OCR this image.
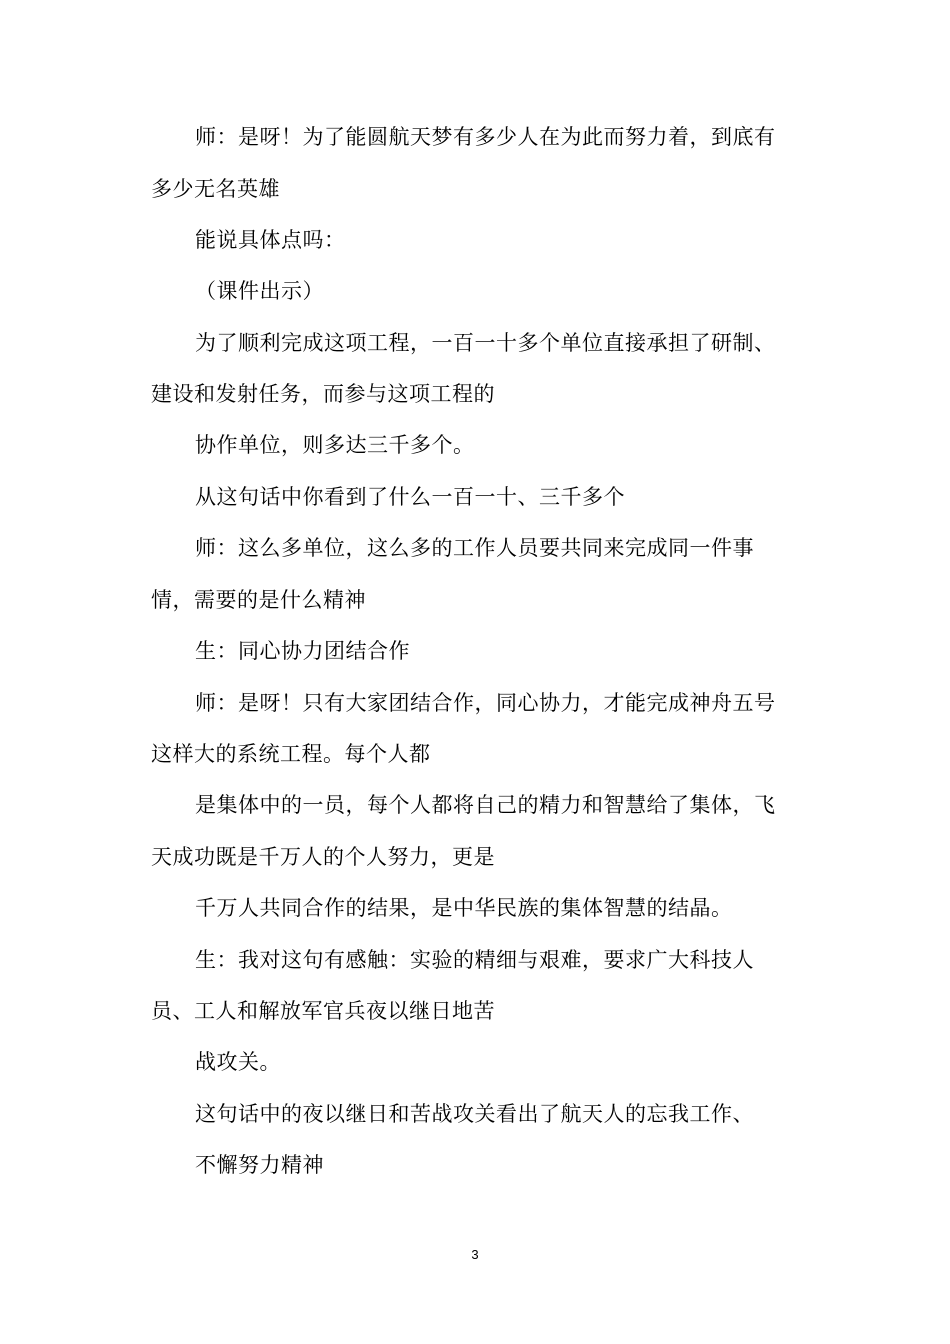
师：是呀！为了能圆航天梦有多少人在为此而努力着，到底有
多少无名英雄
能说具体点吗：
（课件出示）
为了顺利完成这项工程，一百一十多个单位直接承担了研制、
建设和发射任务，而参与这项工程的
协作单位，则多达三千多个。
从这句话中你看到了什么一百一十、三千多个
师：这么多单位，这么多的工作人员要共同来完成同一件事
情，需要的是什么精神
生：同心协力团结合作
师：是呀！只有大家团结合作，同心协力，才能完成神舟五号
这样大的系统工程。每个人都
是集体中的一员，每个人都将自己的精力和智慧给了集体，飞
天成功既是千万人的个人努力，更是
千万人共同合作的结果，是中华民族的集体智慧的结晶。
生：我对这句有感触：实验的精细与艰难，要求广大科技人
员、工人和解放军官兵夜以继日地苦
战攻关。
这句话中的夜以继日和苦战攻关看出了航天人的忘我工作、
不懈努力精神
3
